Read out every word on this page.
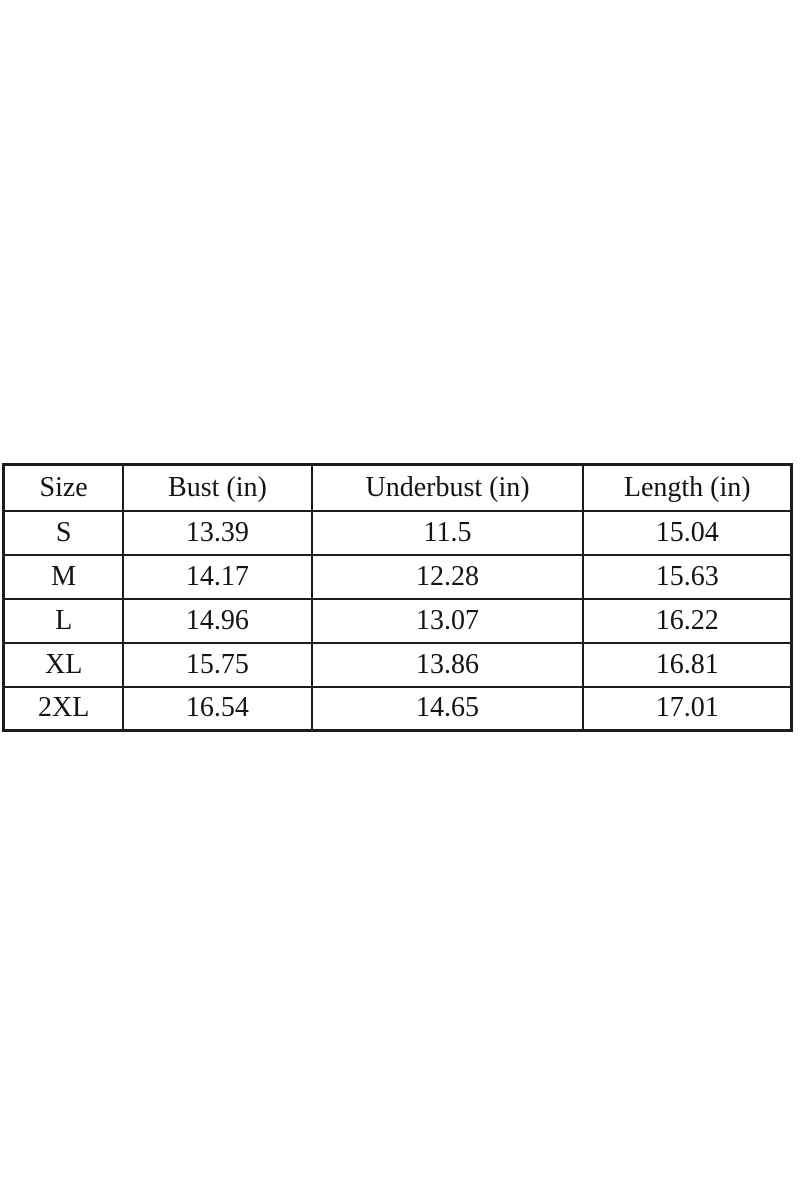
Size	Bust (in)	Underbust (in)	Length (in)
S	13.39	11.5	15.04
M	14.17	12.28	15.63
L	14.96	13.07	16.22
XL	15.75	13.86	16.81
2XL	16.54	14.65	17.01
